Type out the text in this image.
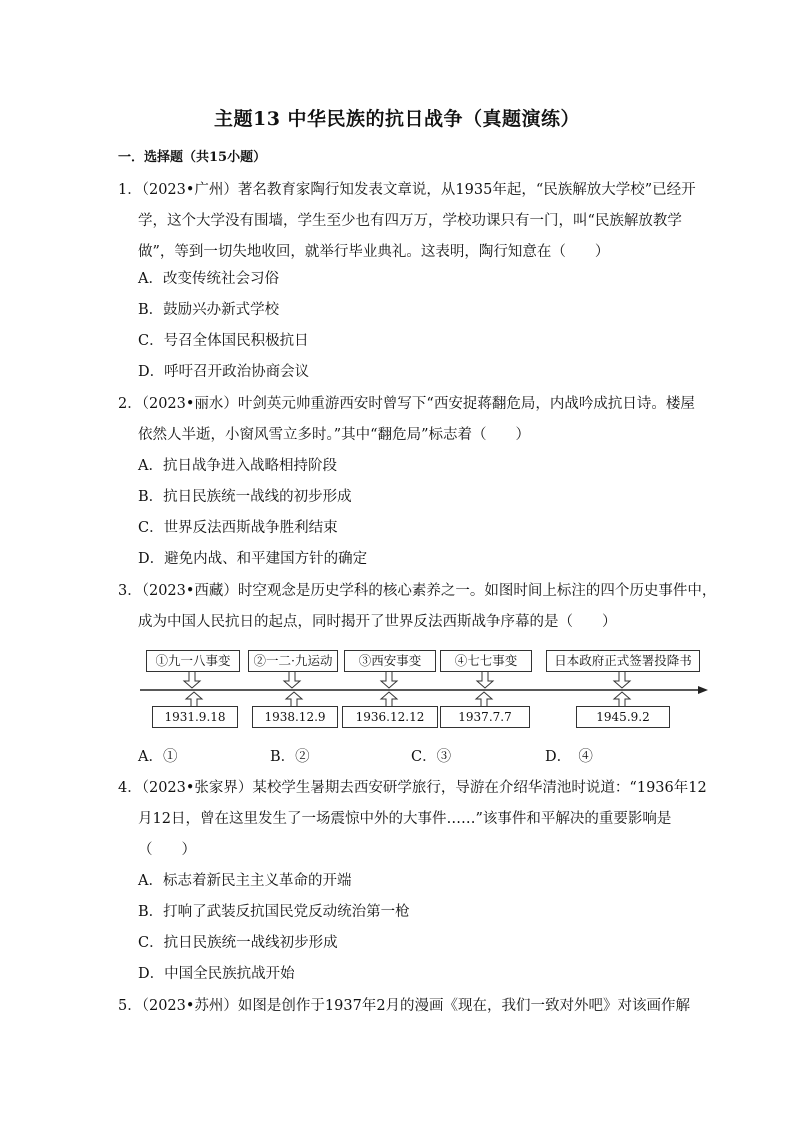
主题13 中华民族的抗日战争（真题演练）
一．选择题（共15小题）
1．（2023•广州）著名教育家陶行知发表文章说，从1935年起，“民族解放大学校”已经开
学，这个大学没有围墙，学生至少也有四万万，学校功课只有一门，叫“民族解放教学
做”，等到一切失地收回，就举行毕业典礼。这表明，陶行知意在（　　）
A．改变传统社会习俗
B．鼓励兴办新式学校
C．号召全体国民积极抗日
D．呼吁召开政治协商会议
2．（2023•丽水）叶剑英元帅重游西安时曾写下“西安捉蒋翻危局，内战吟成抗日诗。楼屋
依然人半逝，小窗风雪立多时。”其中“翻危局”标志着（　　）
A．抗日战争进入战略相持阶段
B．抗日民族统一战线的初步形成
C．世界反法西斯战争胜利结束
D．避免内战、和平建国方针的确定
3．（2023•西藏）时空观念是历史学科的核心素养之一。如图时间上标注的四个历史事件中，
成为中国人民抗日的起点，同时揭开了世界反法西斯战争序幕的是（　　）
①九一八事变	②一二·九运动	③西安事变	④七七事变	日本政府正式签署投降书
1931.9.18	1938.12.9	1936.12.12	1937.7.7	1945.9.2
A．①	B．②	C．③	D．　④
4．（2023•张家界）某校学生暑期去西安研学旅行，导游在介绍华清池时说道：“1936年12
月12日，曾在这里发生了一场震惊中外的大事件……”该事件和平解决的重要影响是
（　　）
A．标志着新民主主义革命的开端
B．打响了武装反抗国民党反动统治第一枪
C．抗日民族统一战线初步形成
D．中国全民族抗战开始
5．（2023•苏州）如图是创作于1937年2月的漫画《现在，我们一致对外吧》对该画作解
